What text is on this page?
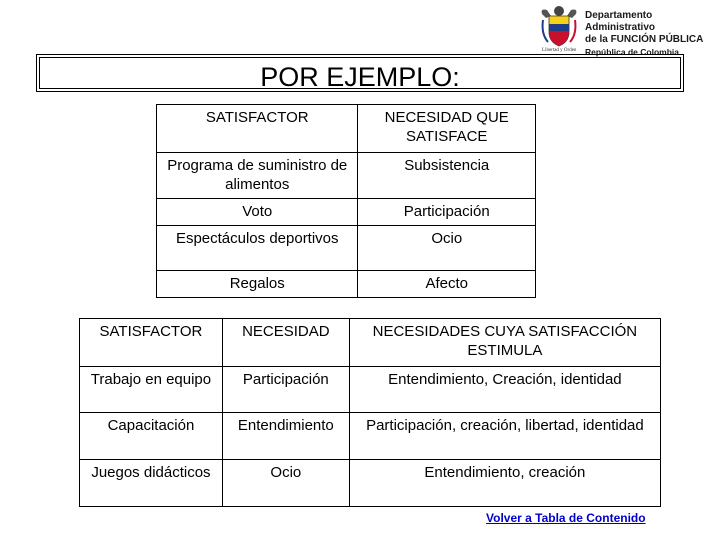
Libertad y Orden
Departamento Administrativo
de la FUNCIÓN PÚBLICA
República de Colombia
POR EJEMPLO:
SATISFACTOR	NECESIDAD QUE SATISFACE
Programa de suministro de alimentos	Subsistencia
Voto	Participación
Espectáculos deportivos	Ocio
Regalos	Afecto
SATISFACTOR	NECESIDAD	NECESIDADES CUYA SATISFACCIÓN ESTIMULA
Trabajo en equipo	Participación	Entendimiento, Creación, identidad
Capacitación	Entendimiento	Participación, creación, libertad, identidad
Juegos didácticos	Ocio	Entendimiento, creación
Volver a Tabla de Contenido
